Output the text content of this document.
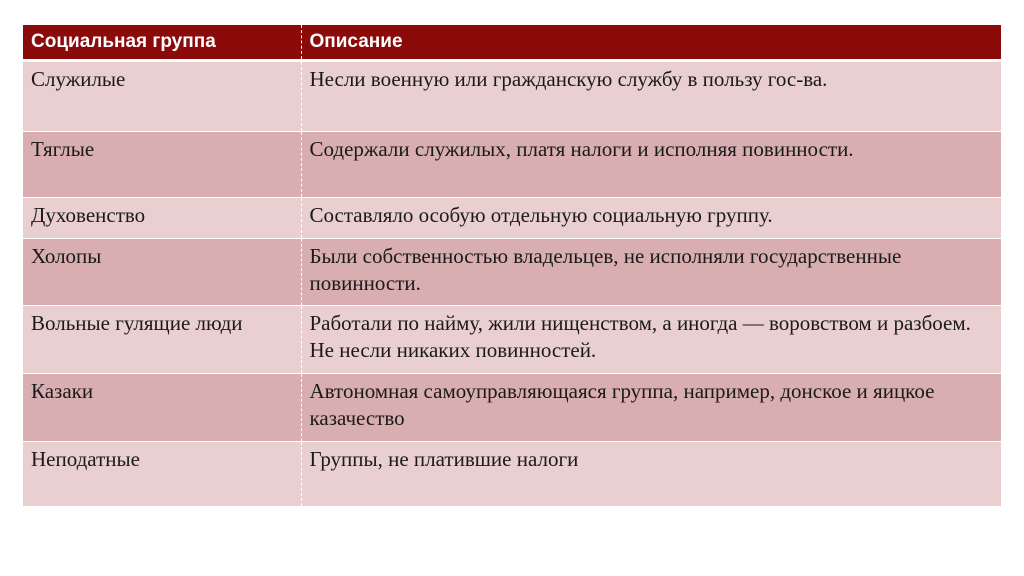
Социальная группа	Описание

Служилые	Несли военную или гражданскую службу в пользу гос-ва.

Тяглые	Содержали служилых, платя налоги и исполняя повинности.

Духовенство	Составляло особую отдельную социальную группу.

Холопы	Были собственностью владельцев, не исполняли государственные повинности.

Вольные гулящие люди	Работали по найму, жили нищенством, а иногда — воровством и разбоем. Не несли никаких повинностей.

Казаки	Автономная самоуправляющаяся группа, например, донское и яицкое казачество

Неподатные	Группы, не платившие налоги
